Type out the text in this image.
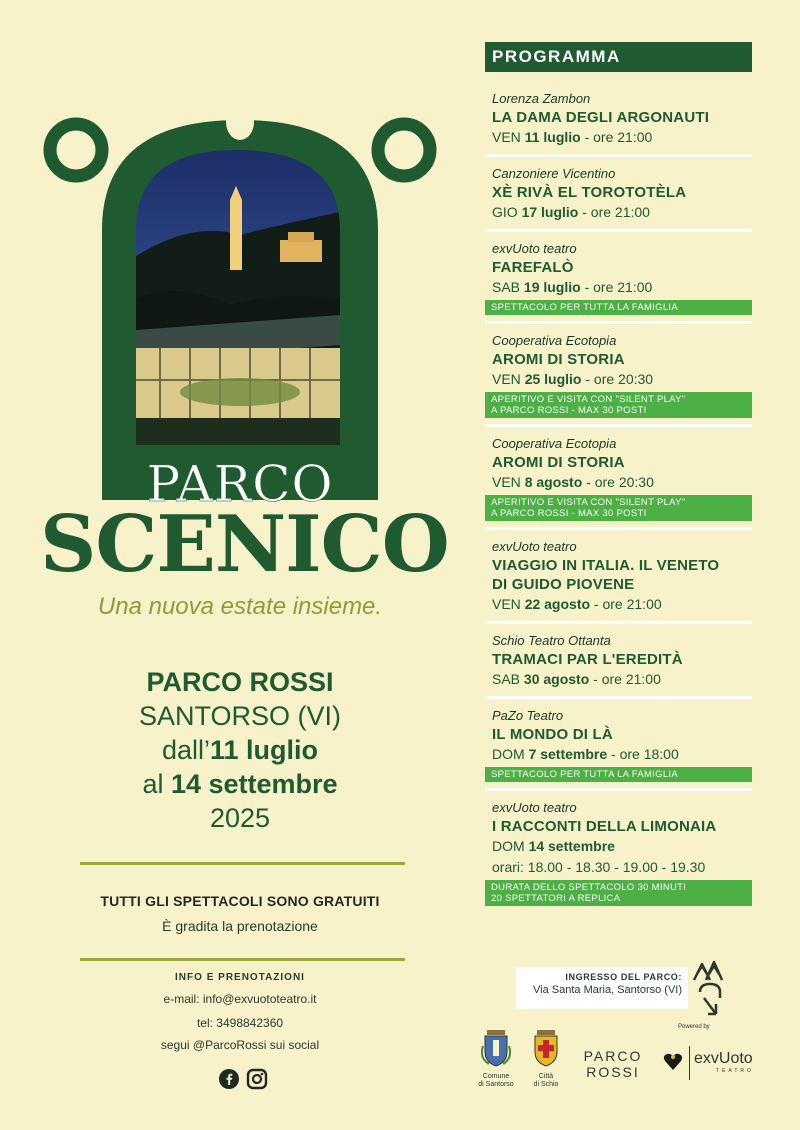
PARCO
SCENICO
Una nuova estate insieme.
PARCO ROSSI
SANTORSO (VI)
dall’11 luglio
al 14 settembre
2025
TUTTI GLI SPETTACOLI SONO GRATUITI
È gradita la prenotazione
INFO E PRENOTAZIONI
e-mail: info@exvuototeatro.it
tel: 3498842360
segui @ParcoRossi sui social
PROGRAMMA
Lorenza Zambon
LA DAMA DEGLI ARGONAUTI
VEN 11 luglio - ore 21:00
Canzoniere Vicentino
XÈ RIVÀ EL TOROTOTÈLA
GIO 17 luglio - ore 21:00
exvUoto teatro
FAREFALÒ
SAB 19 luglio - ore 21:00
SPETTACOLO PER TUTTA LA FAMIGLIA
Cooperativa Ecotopia
AROMI DI STORIA
VEN 25 luglio - ore 20:30
APERITIVO E VISITA CON "SILENT PLAY"
A PARCO ROSSI - MAX 30 POSTI
Cooperativa Ecotopia
AROMI DI STORIA
VEN 8 agosto - ore 20:30
APERITIVO E VISITA CON "SILENT PLAY"
A PARCO ROSSI - MAX 30 POSTI
exvUoto teatro
VIAGGIO IN ITALIA. IL VENETO
DI GUIDO PIOVENE
VEN 22 agosto - ore 21:00
Schio Teatro Ottanta
TRAMACI PAR L'EREDITÀ
SAB 30 agosto - ore 21:00
PaZo Teatro
IL MONDO DI LÀ
DOM 7 settembre - ore 18:00
SPETTACOLO PER TUTTA LA FAMIGLIA
exvUoto teatro
I RACCONTI DELLA LIMONAIA
DOM 14 settembre
orari: 18.00 - 18.30 - 19.00 - 19.30
DURATA DELLO SPETTACOLO 30 MINUTI
20 SPETTATORI A REPLICA
INGRESSO DEL PARCO:
Via Santa Maria, Santorso (VI)
Powered by
Comune
di Santorso
Città
di Schio
PARCO
ROSSI
exvUoto
TEATRO
